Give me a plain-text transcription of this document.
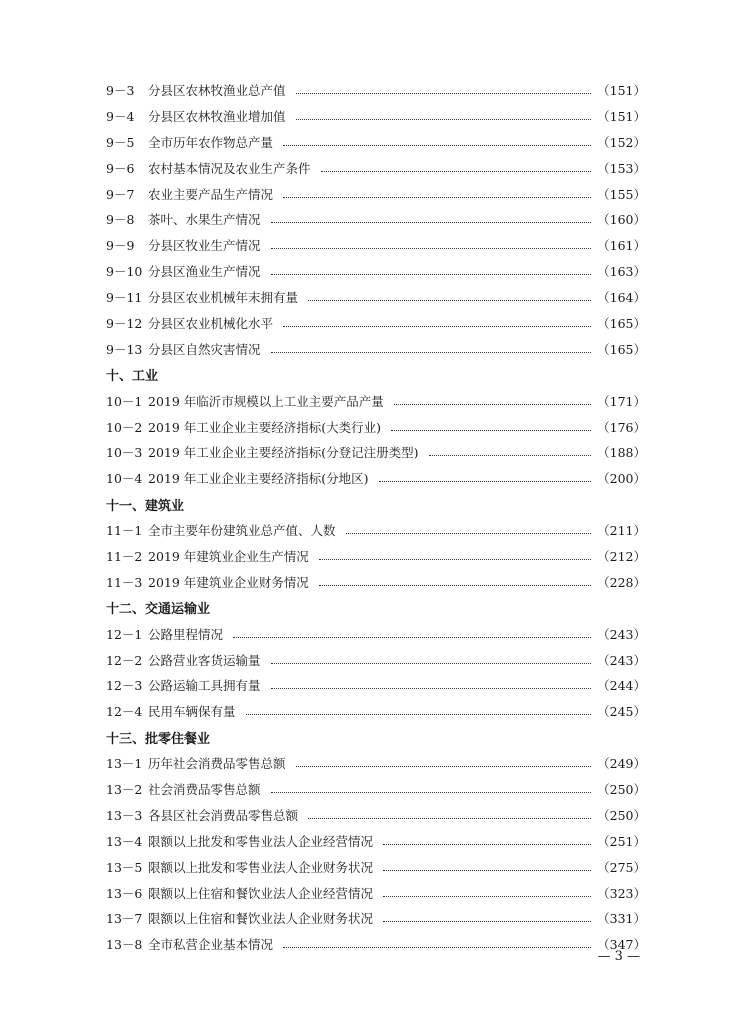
9－3	分县区农林牧渔业总产值	（151）
9－4	分县区农林牧渔业增加值	（151）
9－5	全市历年农作物总产量	（152）
9－6	农村基本情况及农业生产条件	（153）
9－7	农业主要产品生产情况	（155）
9－8	茶叶、水果生产情况	（160）
9－9	分县区牧业生产情况	（161）
9－10 分县区渔业生产情况	（163）
9－11 分县区农业机械年末拥有量	（164）
9－12 分县区农业机械化水平	（165）
9－13 分县区自然灾害情况	（165）
十、工业
10－1 2019 年临沂市规模以上工业主要产品产量	（171）
10－2 2019 年工业企业主要经济指标(大类行业)	（176）
10－3 2019 年工业企业主要经济指标(分登记注册类型)	（188）
10－4 2019 年工业企业主要经济指标(分地区)	（200）
十一、建筑业
11－1 全市主要年份建筑业总产值、人数	（211）
11－2 2019 年建筑业企业生产情况	（212）
11－3 2019 年建筑业企业财务情况	（228）
十二、交通运输业
12－1 公路里程情况	（243）
12－2 公路营业客货运输量	（243）
12－3 公路运输工具拥有量	（244）
12－4 民用车辆保有量	（245）
十三、批零住餐业
13－1 历年社会消费品零售总额	（249）
13－2 社会消费品零售总额	（250）
13－3 各县区社会消费品零售总额	（250）
13－4 限额以上批发和零售业法人企业经营情况	（251）
13－5 限额以上批发和零售业法人企业财务状况	（275）
13－6 限额以上住宿和餐饮业法人企业经营情况	（323）
13－7 限额以上住宿和餐饮业法人企业财务状况	（331）
13－8 全市私营企业基本情况	（347）
— 3 —
